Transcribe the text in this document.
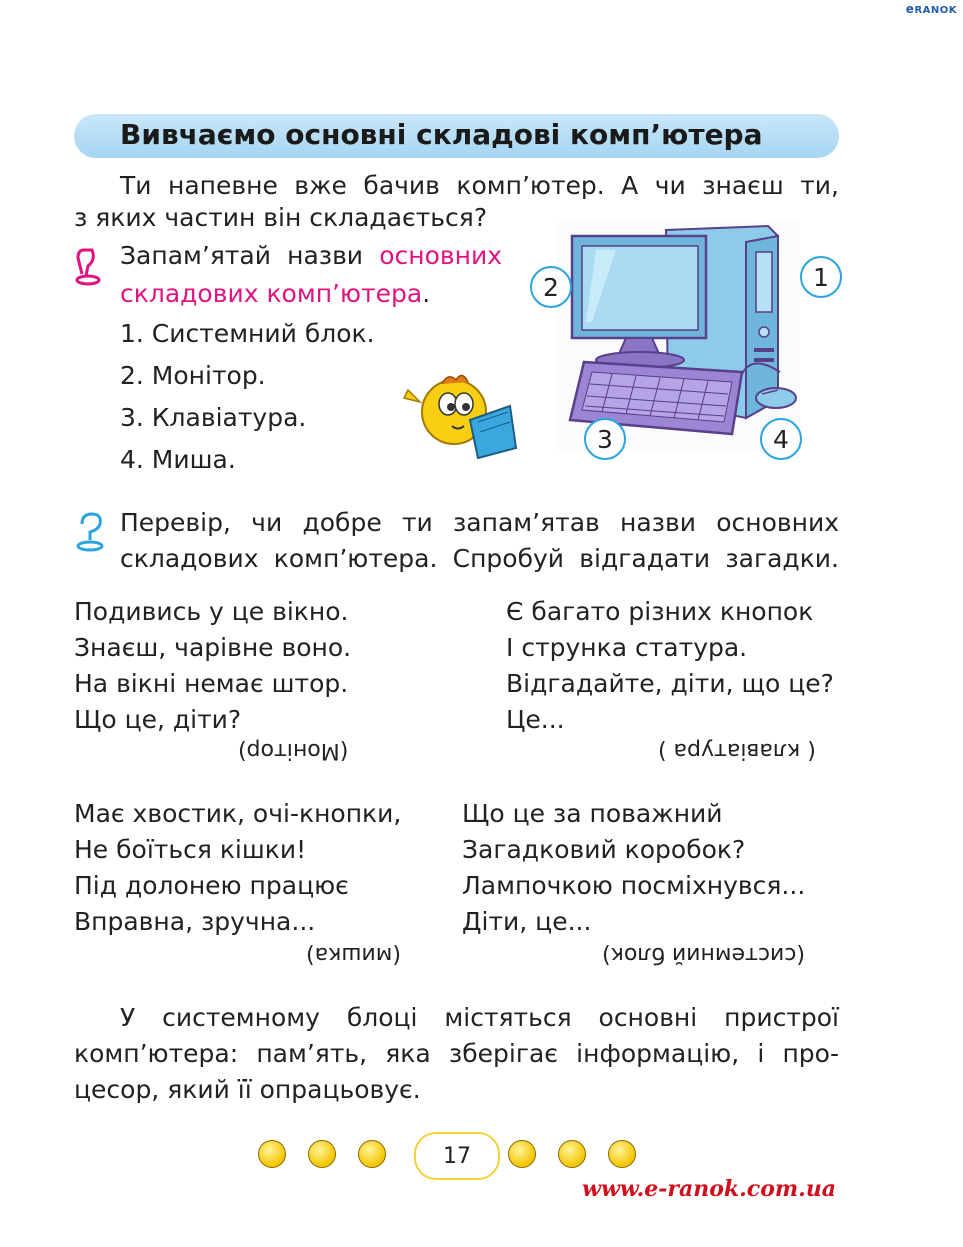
eRANOK
Вивчаємо основні складові комп’ютера
Ти напевне вже бачив комп’ютер. А чи знаєш ти,
з яких частин він складається?
Запам’ятай назви основних
складових комп’ютера.
1. Системний блок.
2. Монітор.
3. Клавіатура.
4. Миша.
2	1
3	4
Перевір, чи добре ти запам’ятав назви основних
складових комп’ютера. Спробуй відгадати загадки.
Подивись у це вікно.
Знаєш, чарівне воно.
На вікні немає штор.
Що це, діти?
(Монітор)
Є багато різних кнопок
І струнка статура.
Відгадайте, діти, що це?
Це...
( клавіатура )
Має хвостик, очі-кнопки,
Не боїться кішки!
Під долонею працює
Вправна, зручна...
(мишка)
Що це за поважний
Загадковий коробок?
Лампочкою посміхнувся...
Діти, це...
(системний блок)
У системному блоці містяться основні пристрої
комп’ютера: пам’ять, яка зберігає інформацію, і про-
цесор, який її опрацьовує.
17
www.e-ranok.com.ua
